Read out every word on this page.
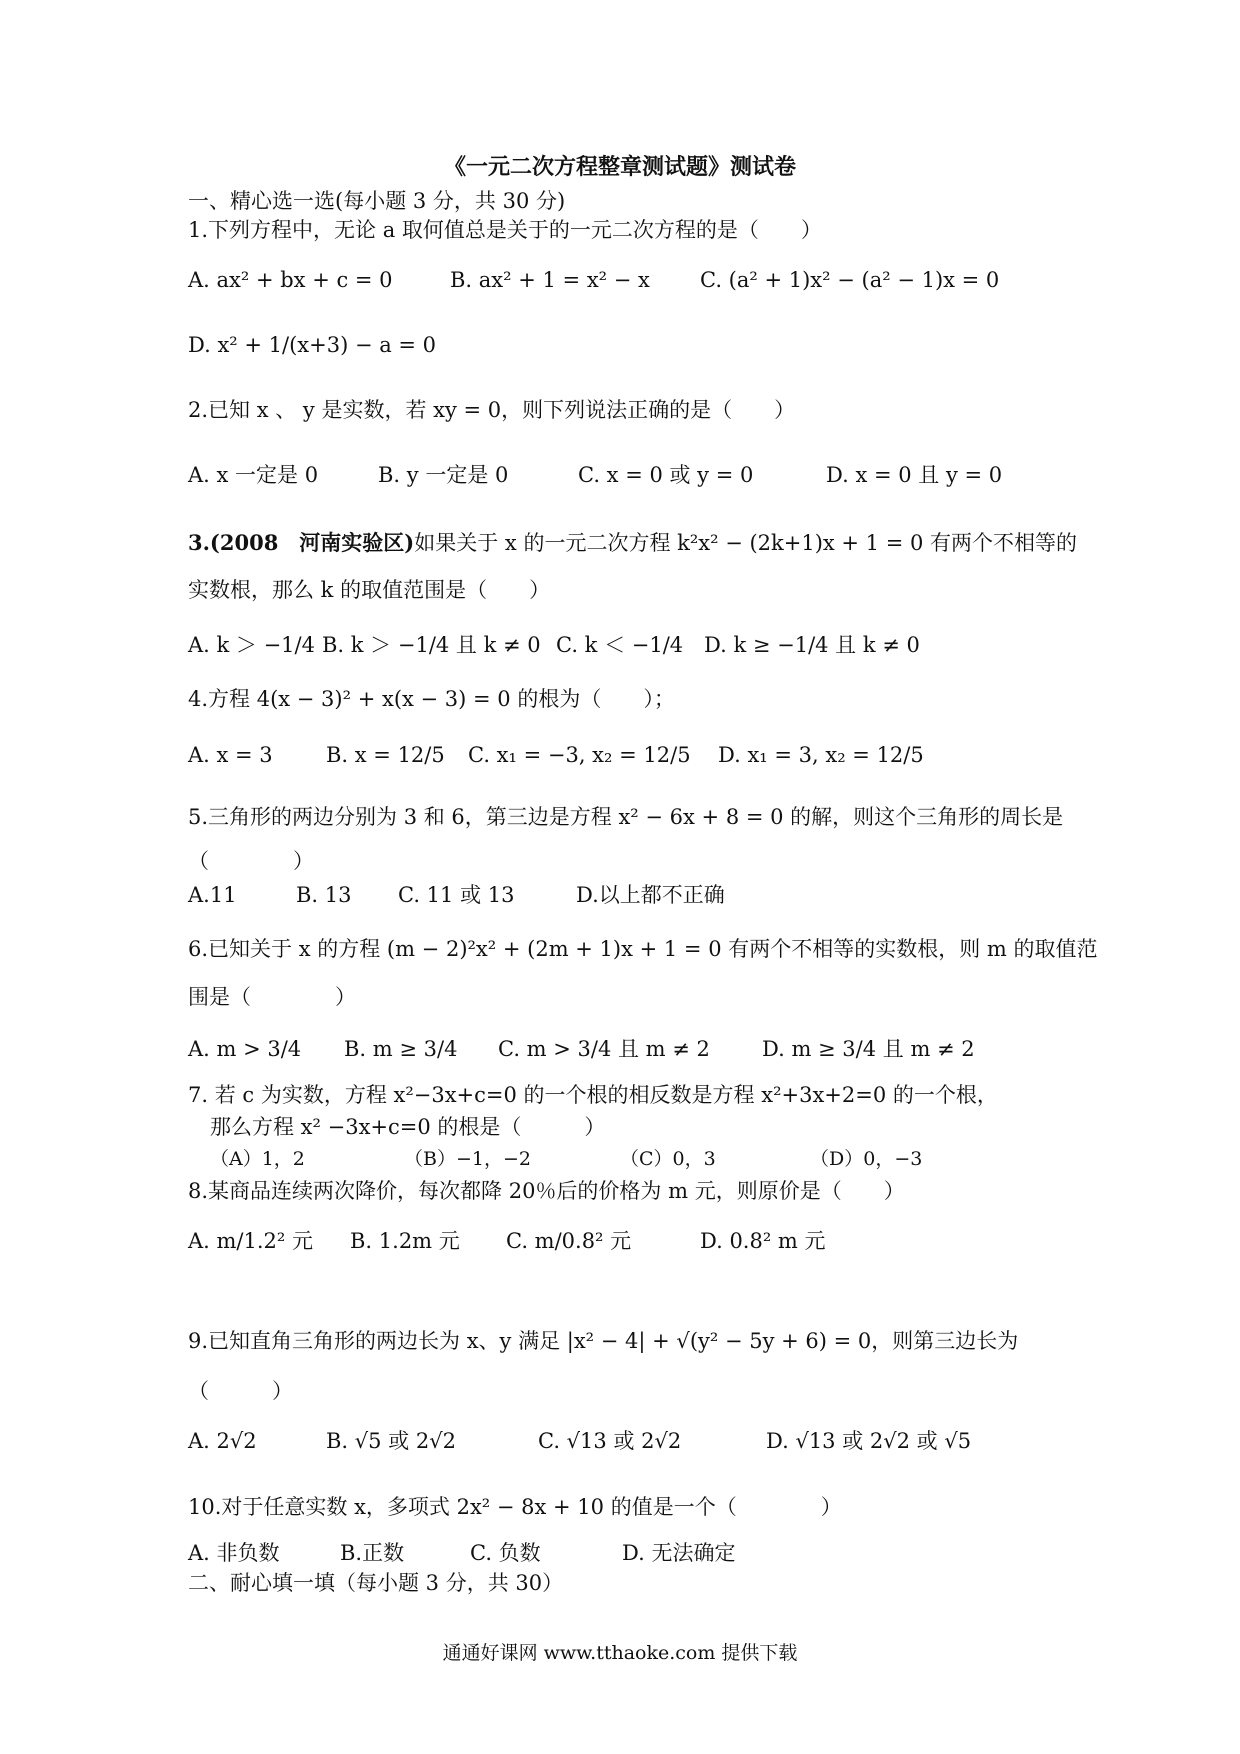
《一元二次方程整章测试题》测试卷
一、精心选一选(每小题 3 分，共 30 分)
1.下列方程中，无论 a 取何值总是关于的一元二次方程的是（　　）
A. ax² + bx + c = 0	B. ax² + 1 = x² − x C. (a² + 1)x² − (a² − 1)x = 0
D. x² + 1/(x+3) − a = 0
2.已知 x 、 y 是实数，若 xy = 0，则下列说法正确的是（　　）
A. x 一定是 0	B. y 一定是 0	C. x = 0 或 y = 0	D. x = 0 且 y = 0
3.(2008　河南实验区)如果关于 x 的一元二次方程 k²x² − (2k+1)x + 1 = 0 有两个不相等的
实数根，那么 k 的取值范围是（　　）
A. k ＞ −1/4 B. k ＞ −1/4 且 k ≠ 0 C. k ＜ −1/4 D. k ≥ −1/4 且 k ≠ 0
4.方程 4(x − 3)² + x(x − 3) = 0 的根为（　　）；
A. x = 3	B. x = 12/5 C. x₁ = −3, x₂ = 12/5 D. x₁ = 3, x₂ = 12/5
5.三角形的两边分别为 3 和 6，第三边是方程 x² − 6x + 8 = 0 的解，则这个三角形的周长是
（　　　　）
A.11	B. 13 C. 11 或 13	D.以上都不正确
6.已知关于 x 的方程 (m − 2)²x² + (2m + 1)x + 1 = 0 有两个不相等的实数根，则 m 的取值范
围是（　　　　）
A. m > 3/4 B. m ≥ 3/4 C. m > 3/4 且 m ≠ 2 D. m ≥ 3/4 且 m ≠ 2
7. 若 c 为实数，方程 x²−3x+c=0 的一个根的相反数是方程 x²+3x+2=0 的一个根，
那么方程 x² −3x+c=0 的根是（　　　）
（A）1，2	（B）−1，−2	（C）0，3	（D）0，−3
8.某商品连续两次降价，每次都降 20％后的价格为 m 元，则原价是（　　）
A. m/1.2² 元 B. 1.2m 元 C. m/0.8² 元	D. 0.8² m 元
9.已知直角三角形的两边长为 x、y 满足 |x² − 4| + √(y² − 5y + 6) = 0，则第三边长为
（　　　）
A. 2√2	B. √5 或 2√2	C. √13 或 2√2	D. √13 或 2√2 或 √5
10.对于任意实数 x，多项式 2x² − 8x + 10 的值是一个（　　　　）
A. 非负数	B.正数	C. 负数	D. 无法确定
二、耐心填一填（每小题 3 分，共 30）
通通好课网 www.tthaoke.com 提供下载
